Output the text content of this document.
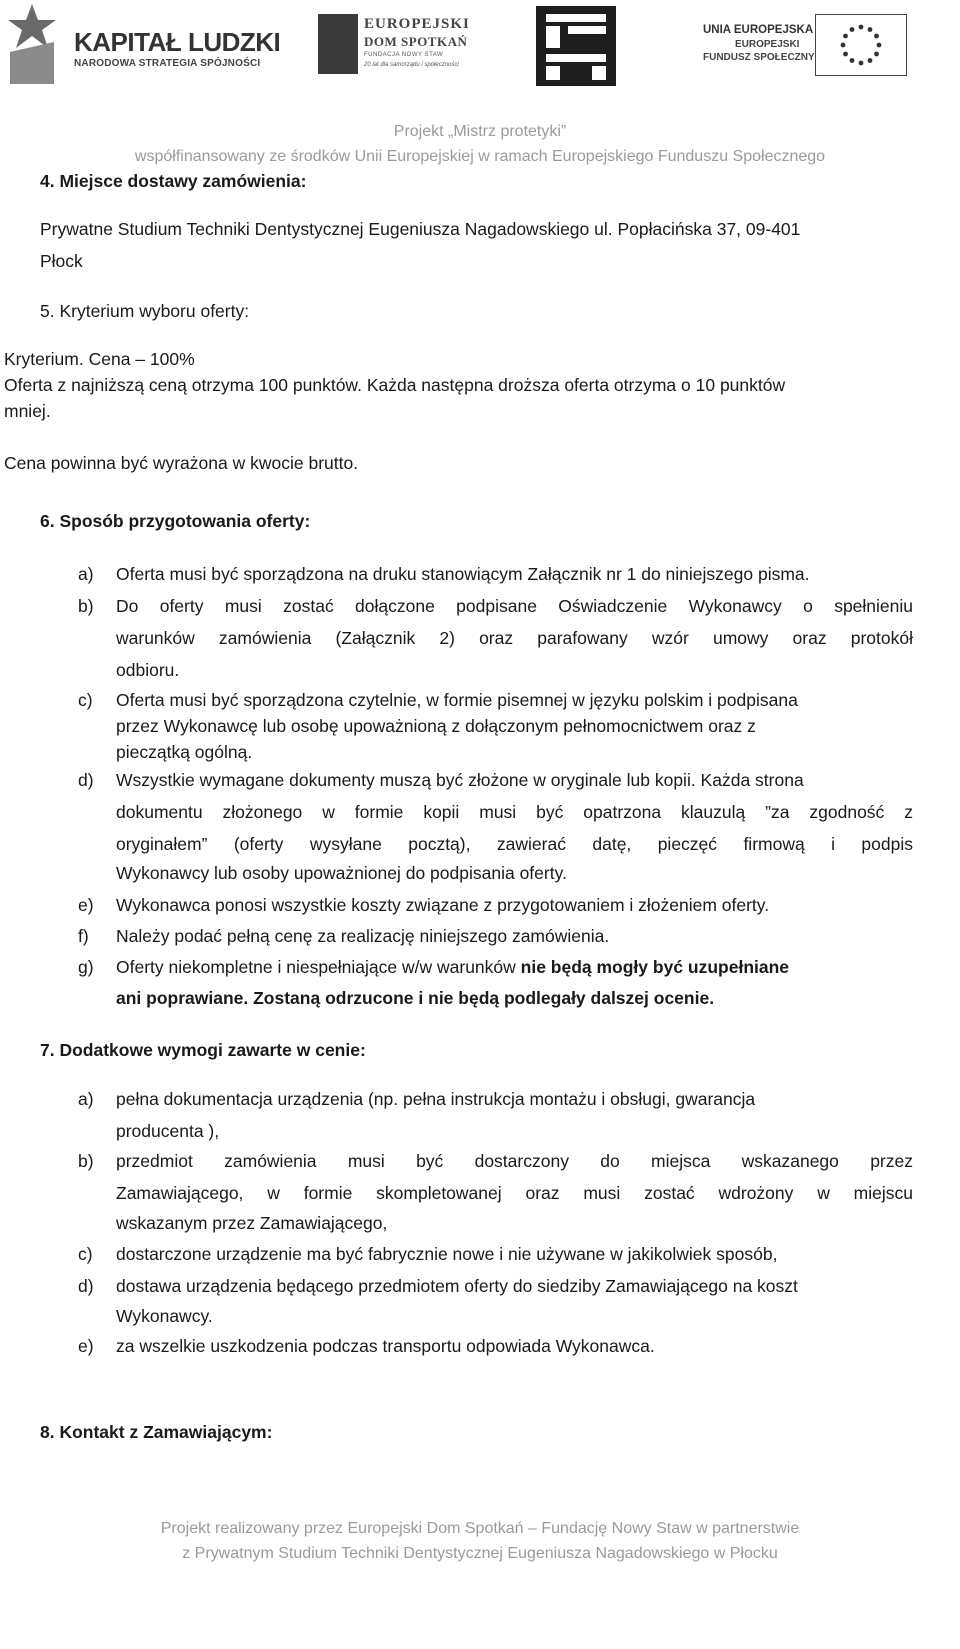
KAPITAŁ LUDZKI
NARODOWA STRATEGIA SPÓJNOŚCI
EUROPEJSKI
DOM SPOTKAŃ
FUNDACJA NOWY STAW
20 lat dla samorządu i społeczności
UNIA EUROPEJSKA
EUROPEJSKI
FUNDUSZ SPOŁECZNY
Projekt „Mistrz protetyki”
współfinansowany ze środków Unii Europejskiej w ramach Europejskiego Funduszu Społecznego
4. Miejsce dostawy zamówienia:
Prywatne Studium Techniki Dentystycznej Eugeniusza Nagadowskiego ul. Popłacińska 37, 09-401
Płock
5. Kryterium wyboru oferty:
Kryterium. Cena – 100%
Oferta z najniższą ceną otrzyma 100 punktów. Każda następna droższa oferta otrzyma o 10 punktów
mniej.
Cena powinna być wyrażona w kwocie brutto.
6. Sposób przygotowania oferty:
a) Oferta musi być sporządzona na druku stanowiącym Załącznik nr 1 do niniejszego pisma.
b) Do oferty musi zostać dołączone podpisane Oświadczenie Wykonawcy o spełnieniu
warunków zamówienia (Załącznik 2) oraz parafowany wzór umowy oraz protokół
odbioru.
c) Oferta musi być sporządzona czytelnie, w formie pisemnej w języku polskim i podpisana
przez Wykonawcę lub osobę upoważnioną z dołączonym pełnomocnictwem oraz z
pieczątką ogólną.
d) Wszystkie wymagane dokumenty muszą być złożone w oryginale lub kopii. Każda strona
dokumentu złożonego w formie kopii musi być opatrzona klauzulą ”za zgodność z
oryginałem” (oferty wysyłane pocztą), zawierać datę, pieczęć firmową i podpis
Wykonawcy lub osoby upoważnionej do podpisania oferty.
e) Wykonawca ponosi wszystkie koszty związane z przygotowaniem i złożeniem oferty.
f) Należy podać pełną cenę za realizację niniejszego zamówienia.
g) Oferty niekompletne i niespełniające w/w warunków nie będą mogły być uzupełniane
ani poprawiane. Zostaną odrzucone i nie będą podlegały dalszej ocenie.
7. Dodatkowe wymogi zawarte w cenie:
a) pełna dokumentacja urządzenia (np. pełna instrukcja montażu i obsługi, gwarancja
producenta ),
b) przedmiot zamówienia musi być dostarczony do miejsca wskazanego przez
Zamawiającego, w formie skompletowanej oraz musi zostać wdrożony w miejscu
wskazanym przez Zamawiającego,
c) dostarczone urządzenie ma być fabrycznie nowe i nie używane w jakikolwiek sposób,
d) dostawa urządzenia będącego przedmiotem oferty do siedziby Zamawiającego na koszt
Wykonawcy.
e) za wszelkie uszkodzenia podczas transportu odpowiada Wykonawca.
8. Kontakt z Zamawiającym:
Projekt realizowany przez Europejski Dom Spotkań – Fundację Nowy Staw w partnerstwie
z Prywatnym Studium Techniki Dentystycznej Eugeniusza Nagadowskiego w Płocku
